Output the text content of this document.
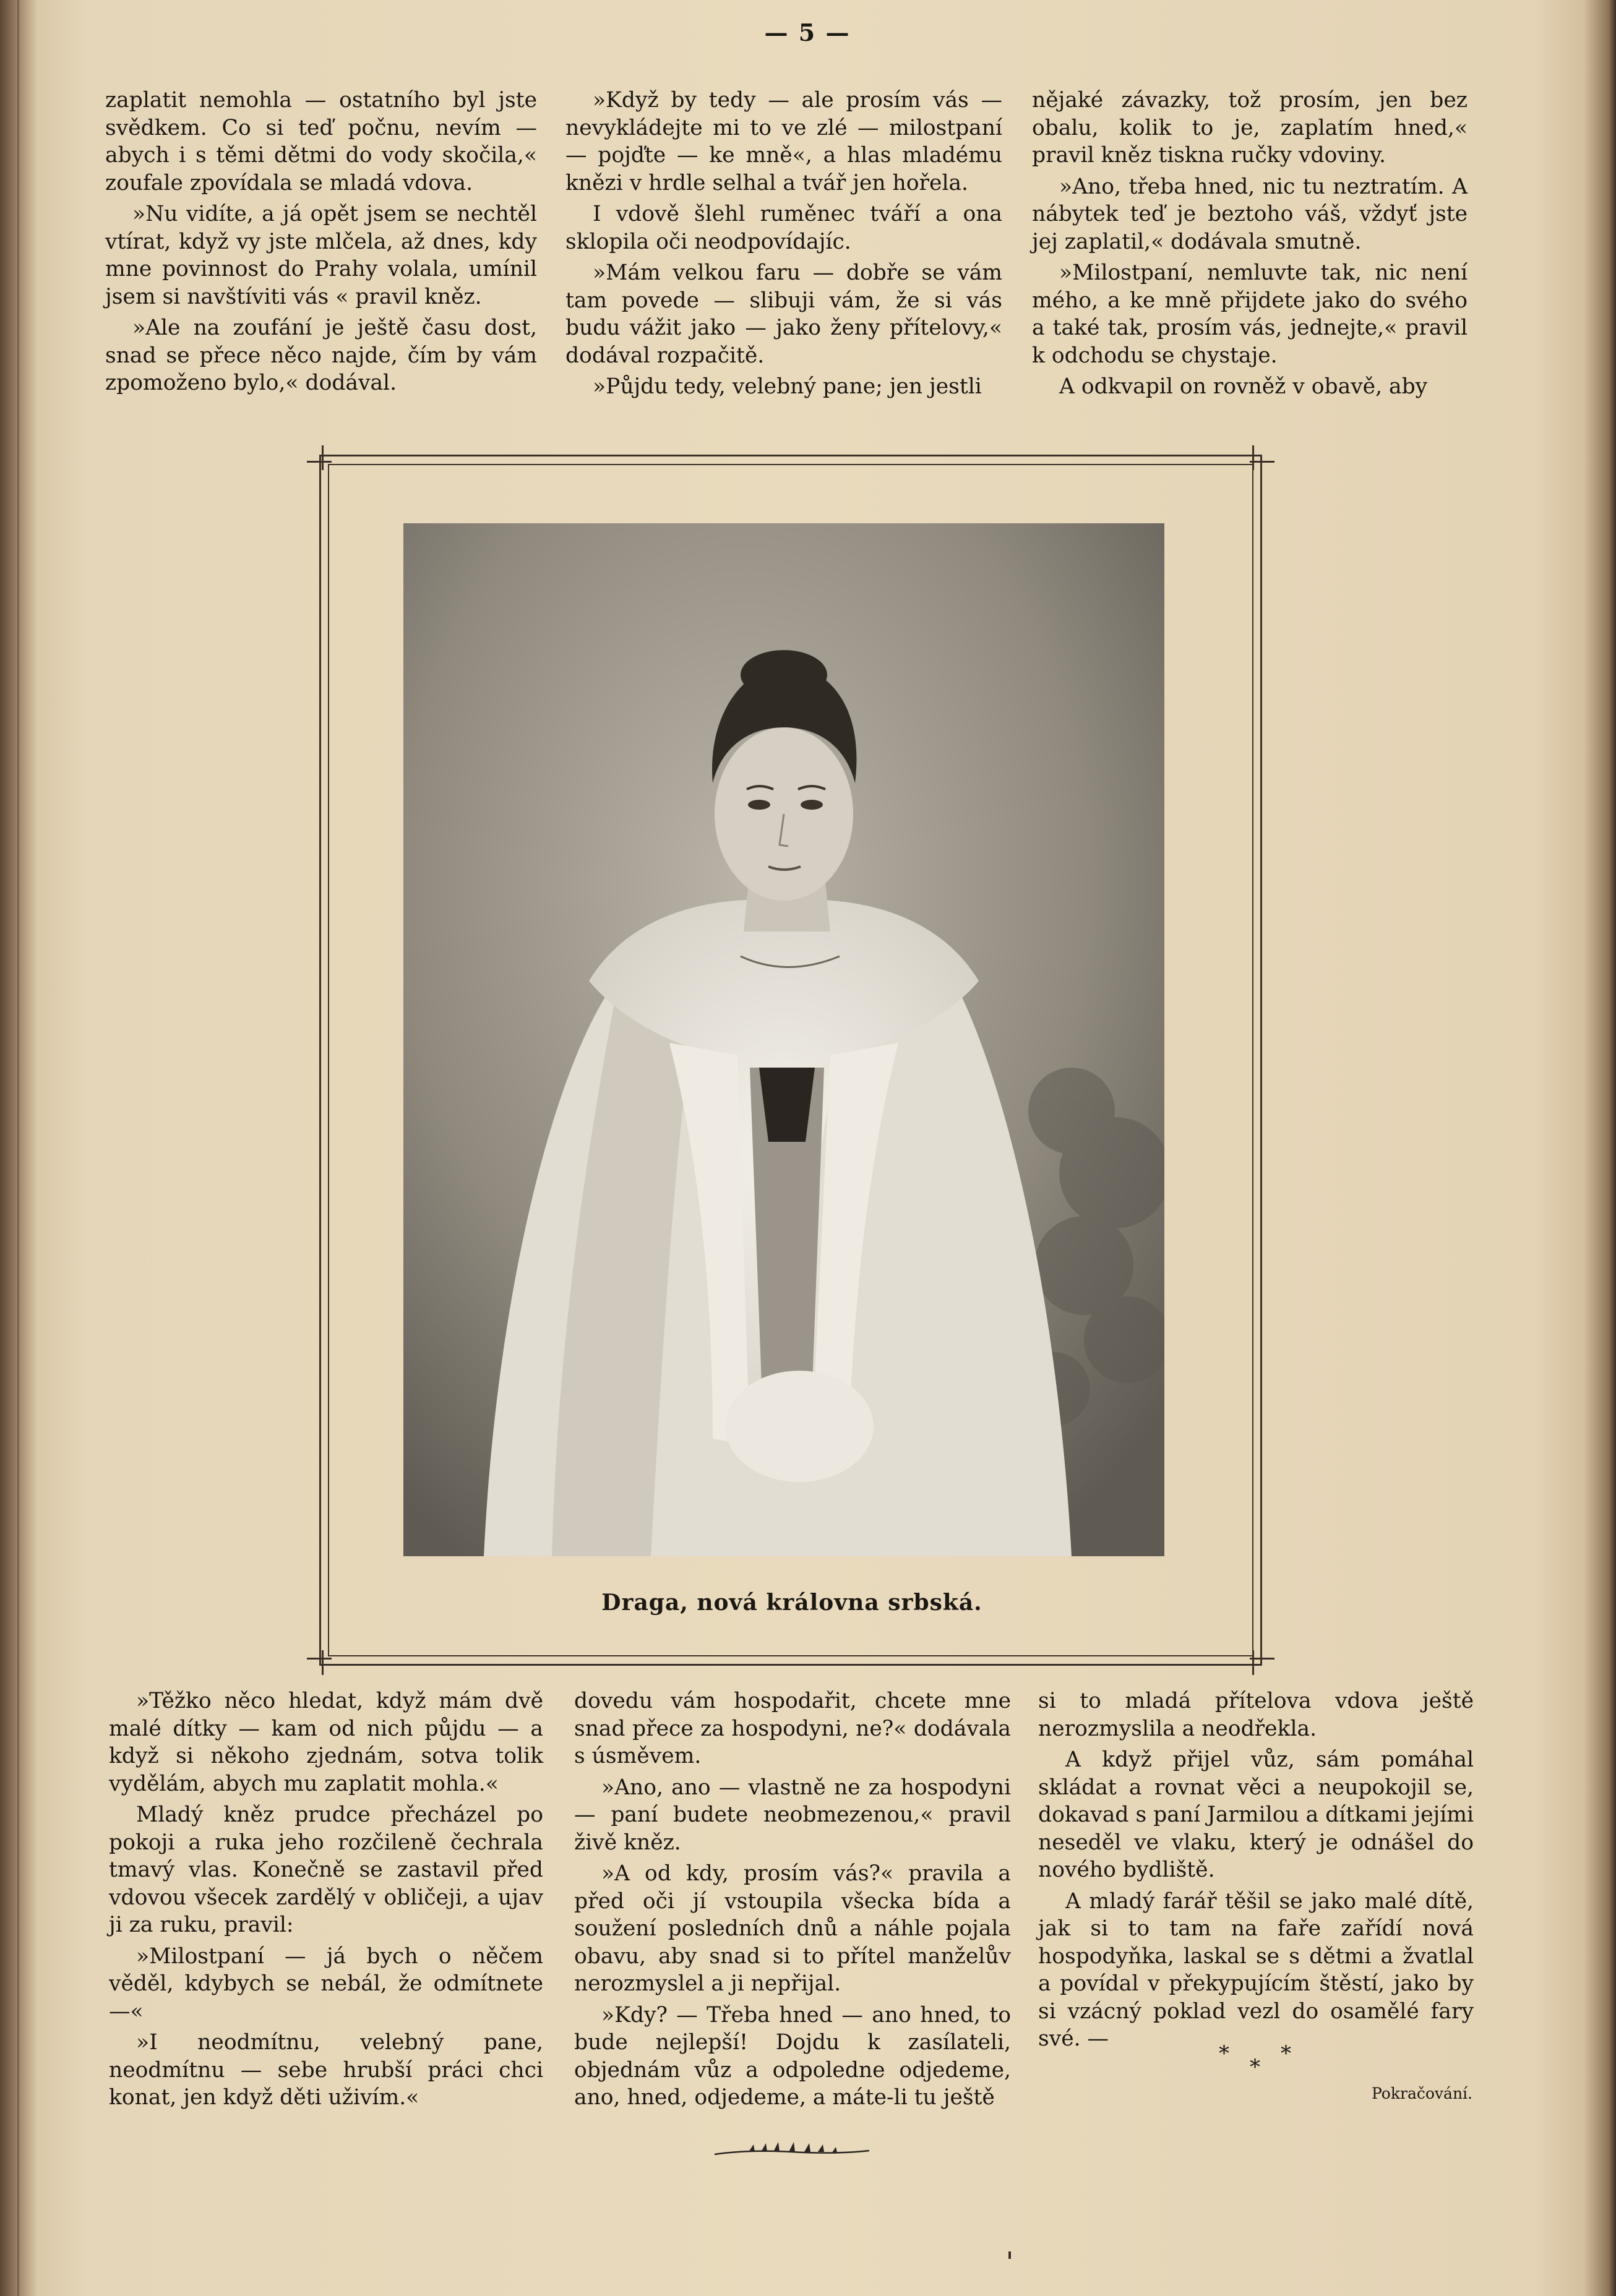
— 5 —

zaplatit nemohla — ostatního byl jste svědkem. Co si teď počnu, nevím — abych i s těmi dětmi do vody skočila,« zoufale zpovídala se mladá vdova.

»Nu vidíte, a já opět jsem se nechtěl vtírat, když vy jste mlčela, až dnes, kdy mne povinnost do Prahy volala, umínil jsem si navštíviti vás « pravil kněz.

»Ale na zoufání je ještě času dost, snad se přece něco najde, čím by vám zpomoženo bylo,« dodával.

»Když by tedy — ale prosím vás — nevykládejte mi to ve zlé — milostpaní — pojďte — ke mně«, a hlas mladému knězi v hrdle selhal a tvář jen hořela.

I vdově šlehl ruměnec tváří a ona sklopila oči neodpovídajíc.

»Mám velkou faru — dobře se vám tam povede — slibuji vám, že si vás budu vážit jako — jako ženy přítelovy,« dodával rozpačitě.

»Půjdu tedy, velebný pane; jen jestli

nějaké závazky, tož prosím, jen bez obalu, kolik to je, zaplatím hned,« pravil kněz tiskna ručky vdoviny.

»Ano, třeba hned, nic tu neztratím. A nábytek teď je beztoho váš, vždyť jste jej zaplatil,« dodávala smutně.

»Milostpaní, nemluvte tak, nic není mého, a ke mně přijdete jako do svého a také tak, prosím vás, jednejte,« pravil k odchodu se chystaje.

A odkvapil on rovněž v obavě, aby

Draga, nová královna srbská.

»Těžko něco hledat, když mám dvě malé dítky — kam od nich půjdu — a když si někoho zjednám, sotva tolik vydělám, abych mu zaplatit mohla.«

Mladý kněz prudce přecházel po pokoji a ruka jeho rozčileně čechrala tmavý vlas. Konečně se zastavil před vdovou všecek zardělý v obličeji, a ujav ji za ruku, pravil:

»Milostpaní — já bych o něčem věděl, kdybych se nebál, že odmítnete —«

»I neodmítnu, velebný pane, neodmítnu — sebe hrubší práci chci konat, jen když děti uživím.«

dovedu vám hospodařit, chcete mne snad přece za hospodyni, ne?« dodávala s úsměvem.

»Ano, ano — vlastně ne za hospodyni — paní budete neobmezenou,« pravil živě kněz.

»A od kdy, prosím vás?« pravila a před oči jí vstoupila všecka bída a soužení posledních dnů a náhle pojala obavu, aby snad si to přítel manželův nerozmyslel a ji nepřijal.

»Kdy? — Třeba hned — ano hned, to bude nejlepší! Dojdu k zasílateli, objednám vůz a odpoledne odjedeme, ano, hned, odjedeme, a máte-li tu ještě

si to mladá přítelova vdova ještě nerozmyslila a neodřekla.

A když přijel vůz, sám pomáhal skládat a rovnat věci a neupokojil se, dokavad s paní Jarmilou a dítkami jejími neseděl ve vlaku, který je odnášel do nového bydliště.

A mladý farář těšil se jako malé dítě, jak si to tam na faře zařídí nová hospodyňka, laskal se s dětmi a žvatlal a povídal v překypujícím štěstí, jako by si vzácný poklad vezl do osamělé fary své. —

*
*
*
Pokračování.
